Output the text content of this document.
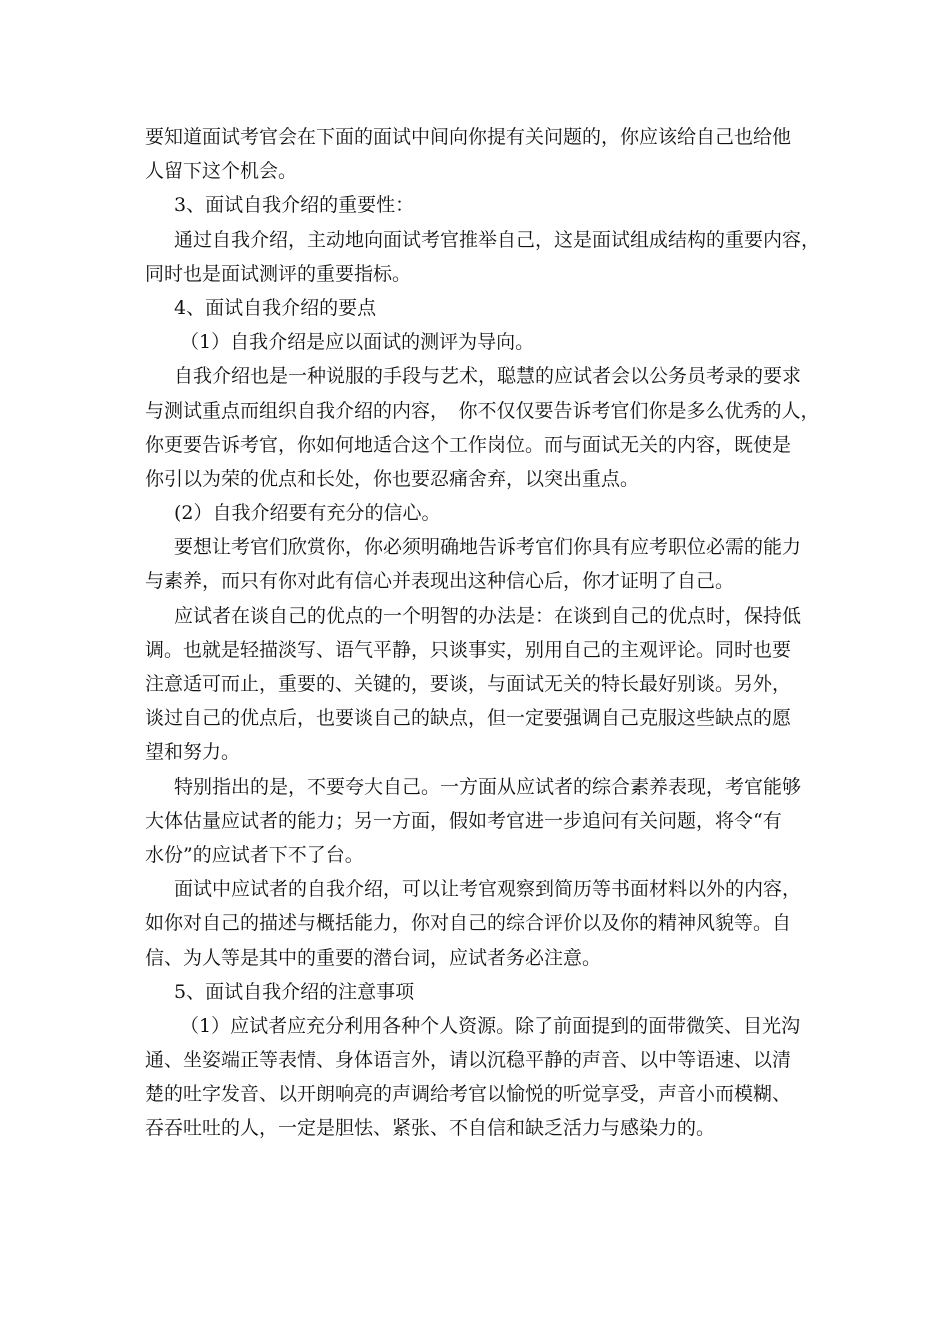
要知道面试考官会在下面的面试中间向你提有关问题的，你应该给自己也给他
人留下这个机会。
3、面试自我介绍的重要性：
通过自我介绍，主动地向面试考官推举自己，这是面试组成结构的重要内容，
同时也是面试测评的重要指标。
4、面试自我介绍的要点
（1）自我介绍是应以面试的测评为导向。
自我介绍也是一种说服的手段与艺术，聪慧的应试者会以公务员考录的要求
与测试重点而组织自我介绍的内容，　你不仅仅要告诉考官们你是多么优秀的人，
你更要告诉考官，你如何地适合这个工作岗位。而与面试无关的内容，既使是
你引以为荣的优点和长处，你也要忍痛舍弃，以突出重点。
(2）自我介绍要有充分的信心。
要想让考官们欣赏你，你必须明确地告诉考官们你具有应考职位必需的能力
与素养，而只有你对此有信心并表现出这种信心后，你才证明了自己。
应试者在谈自己的优点的一个明智的办法是：在谈到自己的优点时，保持低
调。也就是轻描淡写、语气平静，只谈事实，别用自己的主观评论。同时也要
注意适可而止，重要的、关键的，要谈，与面试无关的特长最好别谈。另外，
谈过自己的优点后，也要谈自己的缺点，但一定要强调自己克服这些缺点的愿
望和努力。
特别指出的是，不要夸大自己。一方面从应试者的综合素养表现，考官能够
大体估量应试者的能力；另一方面，假如考官进一步追问有关问题，将令“有
水份”的应试者下不了台。
面试中应试者的自我介绍，可以让考官观察到简历等书面材料以外的内容，
如你对自己的描述与概括能力，你对自己的综合评价以及你的精神风貌等。自
信、为人等是其中的重要的潜台词，应试者务必注意。
5、面试自我介绍的注意事项
（1）应试者应充分利用各种个人资源。除了前面提到的面带微笑、目光沟
通、坐姿端正等表情、身体语言外，请以沉稳平静的声音、以中等语速、以清
楚的吐字发音、以开朗响亮的声调给考官以愉悦的听觉享受，声音小而模糊、
吞吞吐吐的人，一定是胆怯、紧张、不自信和缺乏活力与感染力的。
